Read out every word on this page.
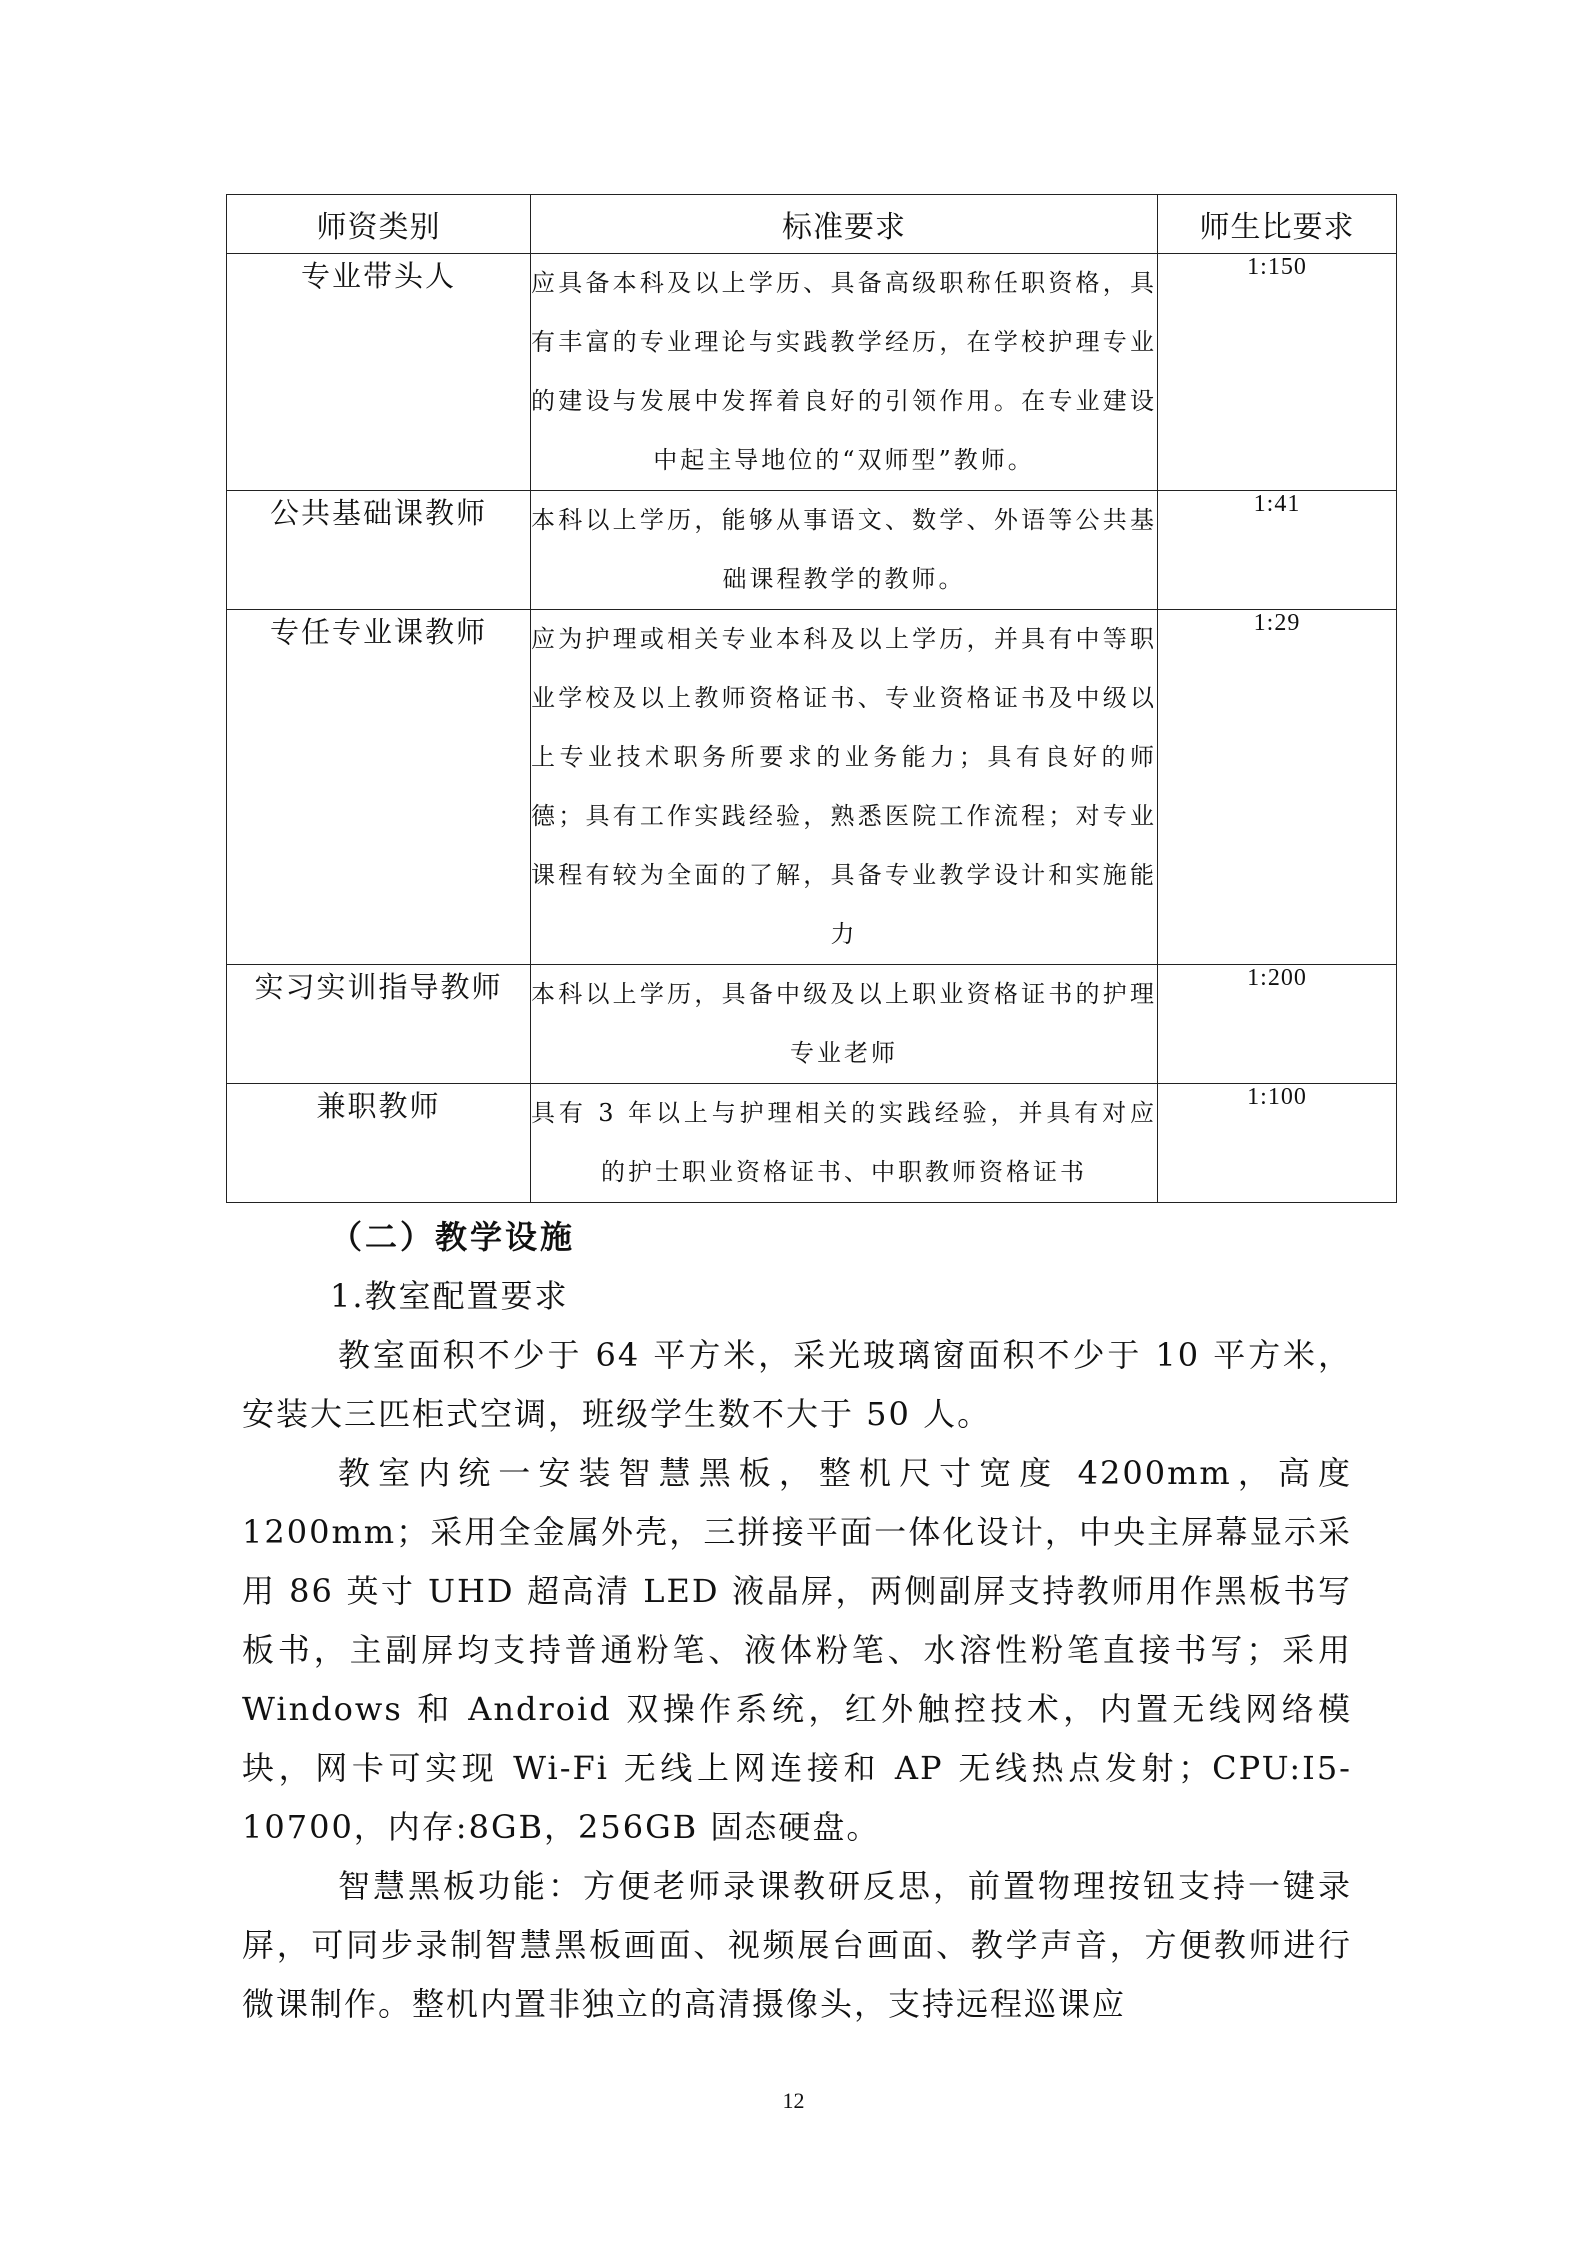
师资类别	标准要求	师生比要求
专业带头人	应具备本科及以上学历、具备高级职称任职资格，具有丰富的专业理论与实践教学经历，在学校护理专业的建设与发展中发挥着良好的引领作用。在专业建设中起主导地位的“双师型”教师。	1:150
公共基础课教师	本科以上学历，能够从事语文、数学、外语等公共基础课程教学的教师。	1:41
专任专业课教师	应为护理或相关专业本科及以上学历，并具有中等职业学校及以上教师资格证书、专业资格证书及中级以上专业技术职务所要求的业务能力；具有良好的师德；具有工作实践经验，熟悉医院工作流程；对专业课程有较为全面的了解，具备专业教学设计和实施能力	1:29
实习实训指导教师	本科以上学历，具备中级及以上职业资格证书的护理专业老师	1:200
兼职教师	具有 3 年以上与护理相关的实践经验，并具有对应的护士职业资格证书、中职教师资格证书	1:100
（二）教学设施
1.教室配置要求
教室面积不少于 64 平方米，采光玻璃窗面积不少于 10 平方米，安装大三匹柜式空调，班级学生数不大于 50 人。
教室内统一安装智慧黑板，整机尺寸宽度 4200mm，高度 1200mm；采用全金属外壳，三拼接平面一体化设计，中央主屏幕显示采用 86 英寸 UHD 超高清 LED 液晶屏，两侧副屏支持教师用作黑板书写板书，主副屏均支持普通粉笔、液体粉笔、水溶性粉笔直接书写；采用 Windows 和 Android 双操作系统，红外触控技术，内置无线网络模块，网卡可实现 Wi-Fi 无线上网连接和 AP 无线热点发射；CPU:I5-10700，内存:8GB，256GB 固态硬盘。
智慧黑板功能：方便老师录课教研反思，前置物理按钮支持一键录屏，可同步录制智慧黑板画面、视频展台画面、教学声音，方便教师进行微课制作。整机内置非独立的高清摄像头，支持远程巡课应
12
